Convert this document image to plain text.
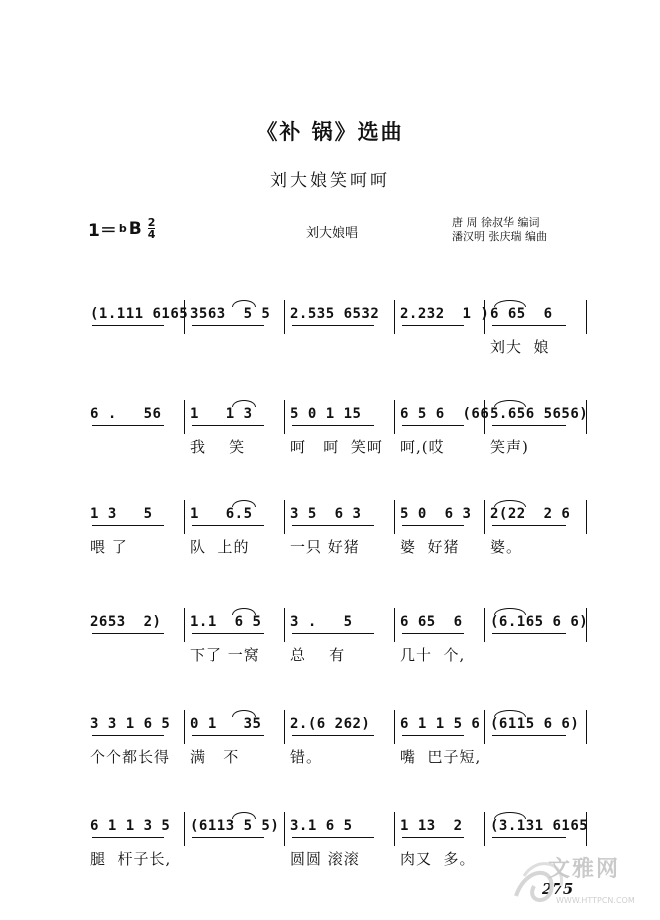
《补 锅》选曲
刘大娘笑呵呵
1＝ b B 2
4	刘大娘唱
唐 周 徐叔华 编词
潘汉明 张庆瑞 编曲
(1.111 6165 3563  5 5 2.535 6532 2.232  1 ) 6 65  6
刘大  娘
6 .   56 1   1 3
我    笑
5 0 1 15
呵   呵  笑呵
6 5 6  (66
呵,(哎
5.656 5656)
笑声)
1 3   5
喂 了
1   6.5
队  上的
3 5  6 3
一只 好猪
5 0  6 3
婆  好猪
2(22  2 6
婆。
2653  2) 1.1  6 5
下了 一窝
3 .   5
总    有
6 65  6
几十  个,
(6.165 6 6)
3 3 1 6 5
个个都长得
0 1   35
满   不
2.(6 262)
错。
6 1 1 5 6
嘴  巴子短,
(6115 6 6)
6 1 1 3 5
腿  杆子长,
(6113 5 5) 3.1 6 5
圆圆 滚滚
1 13  2
肉又  多。
(3.131 6165
275
文雅网
WWW.HTTPCN.COM
